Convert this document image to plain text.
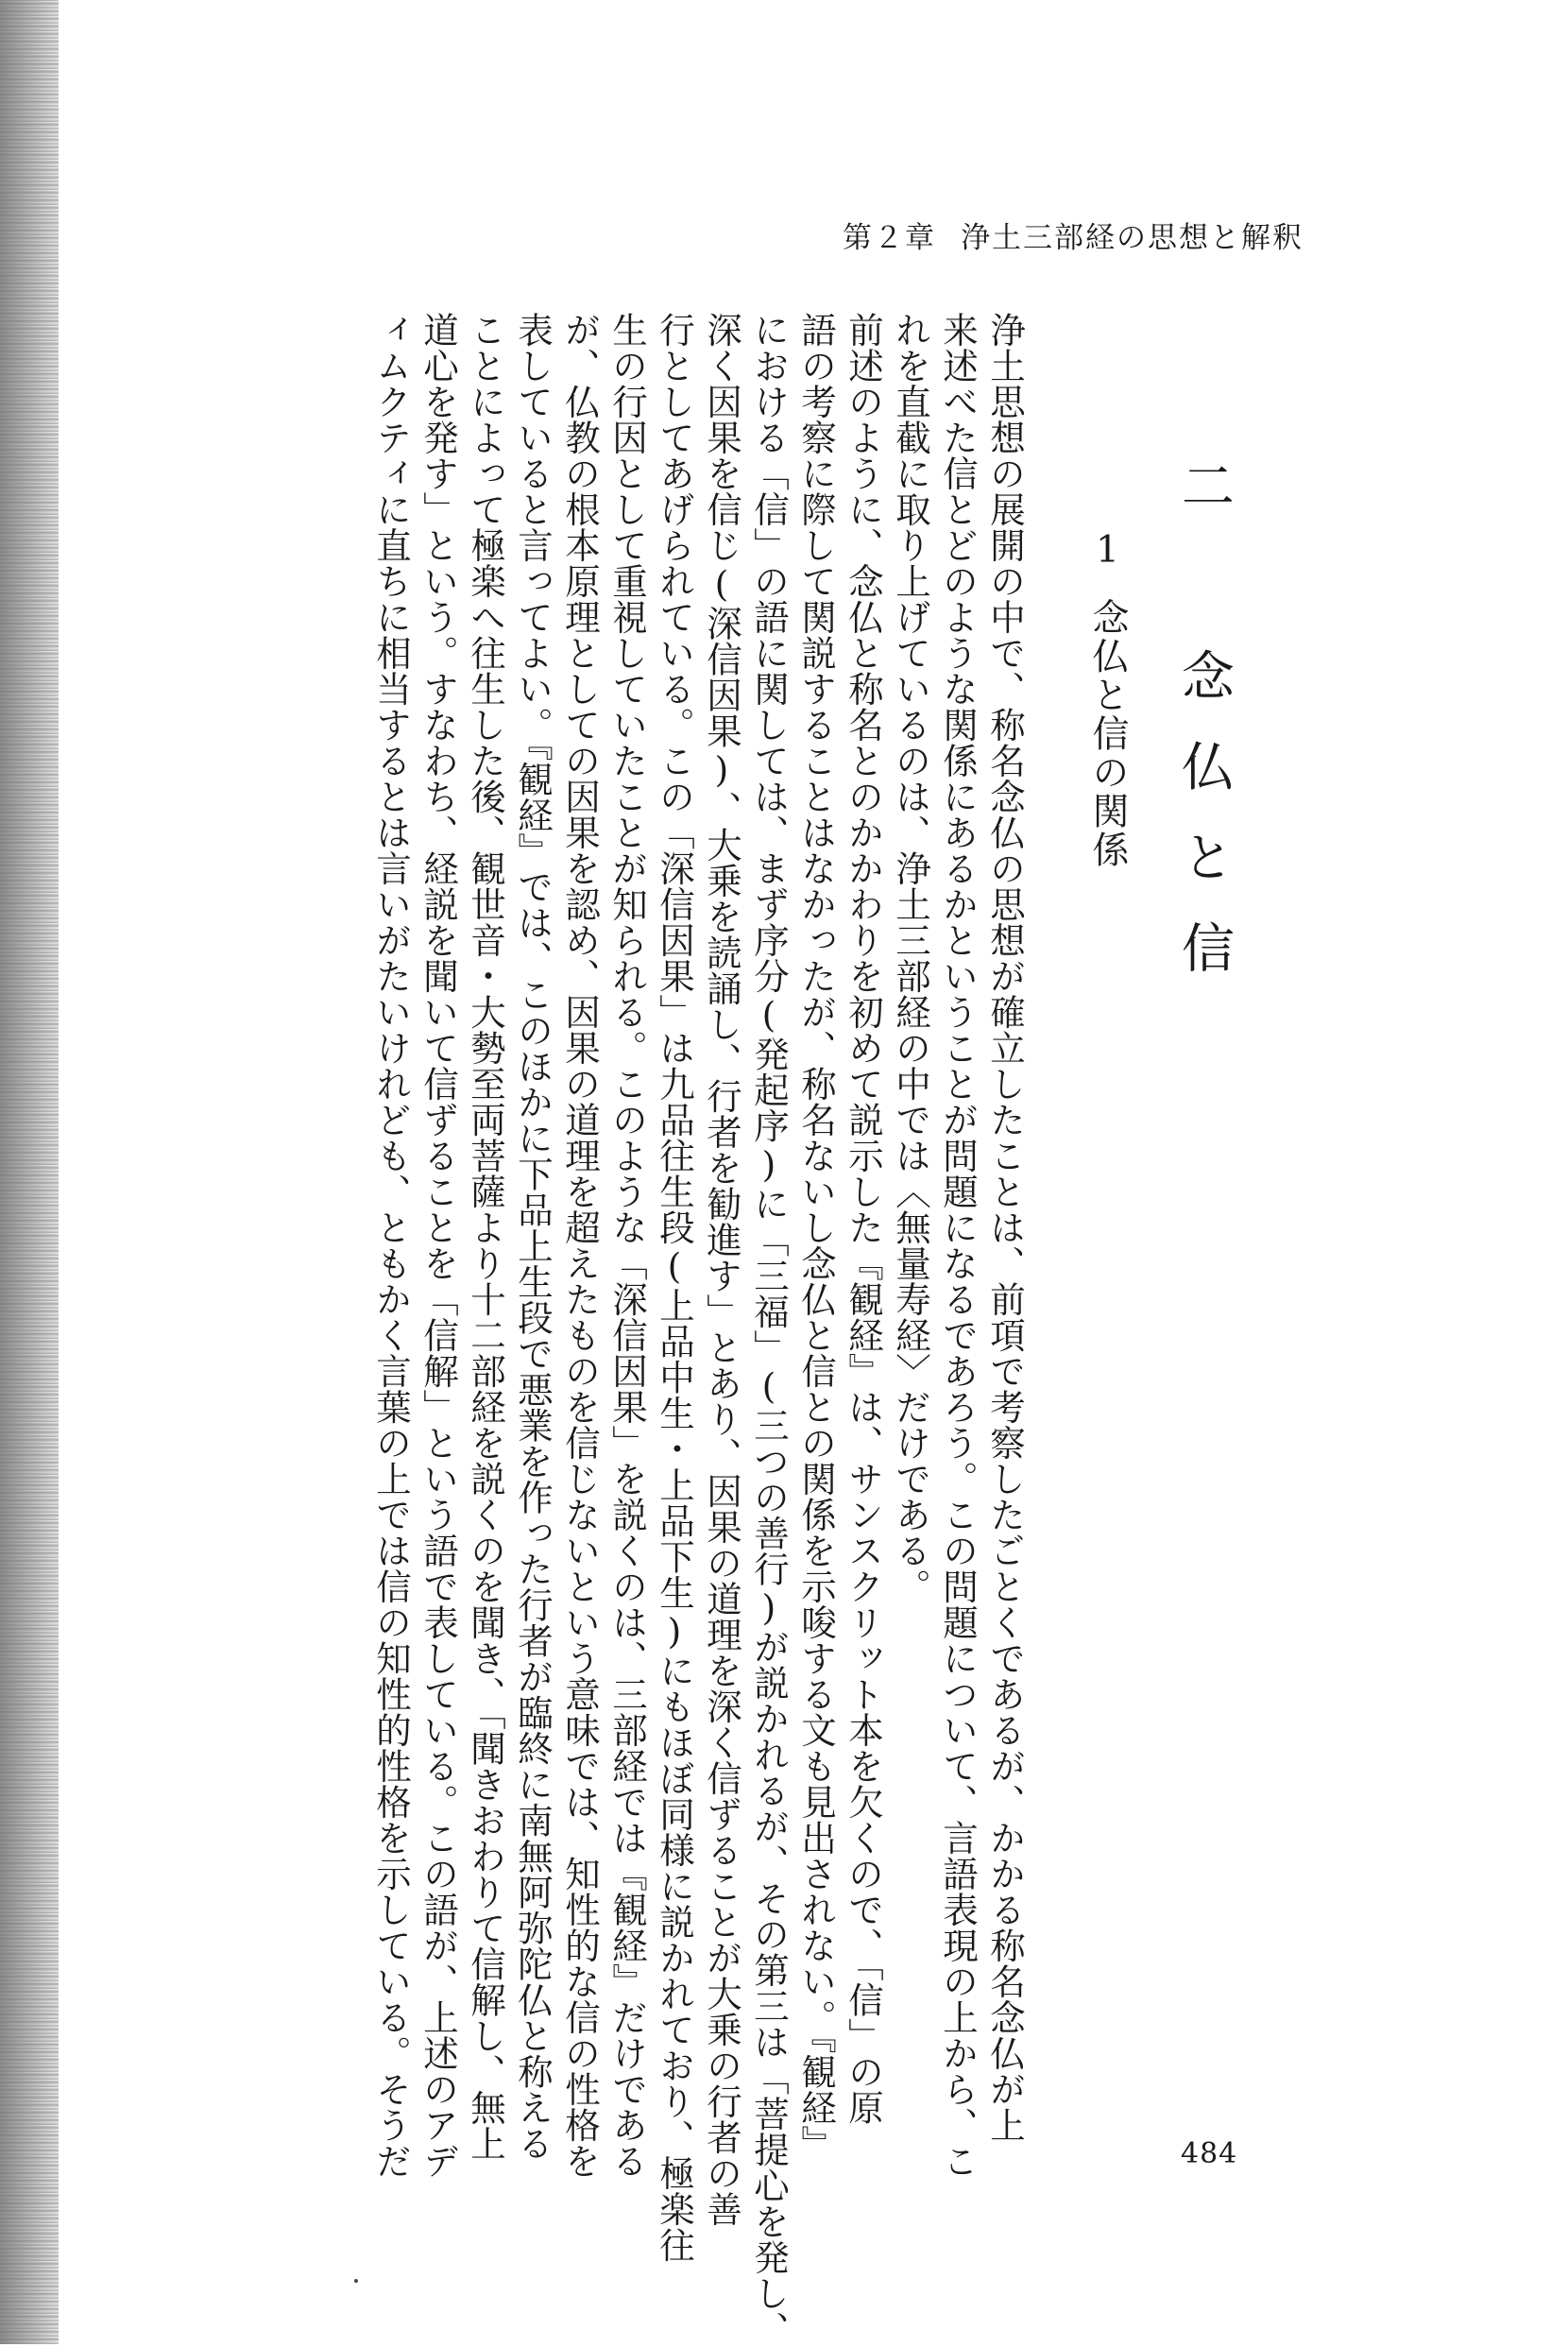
第２章 浄土三部経の思想と解釈
二 念仏と信
1念仏と信の関係
浄土思想の展開の中で、称名念仏の思想が確立したことは、前項で考察したごとくであるが、かかる称名念仏が上
来述べた信とどのような関係にあるかということが問題になるであろう。この問題について、言語表現の上から、こ
れを直截に取り上げているのは、浄土三部経の中では〈無量寿経〉だけである。
前述のように、念仏と称名とのかかわりを初めて説示した『観経』は、サンスクリット本を欠くので、「信」の原
語の考察に際して関説することはなかったが、称名ないし念仏と信との関係を示唆する文も見出されない。『観経』
における「信」の語に関しては、まず序分(発起序)に「三福」(三つの善行)が説かれるが、その第三は「菩提心を発し、
深く因果を信じ(深信因果)、大乗を読誦し、行者を勧進す」とあり、因果の道理を深く信ずることが大乗の行者の善
行としてあげられている。この「深信因果」は九品往生段(上品中生・上品下生)にもほぼ同様に説かれており、極楽往
生の行因として重視していたことが知られる。このような「深信因果」を説くのは、三部経では『観経』だけである
が、仏教の根本原理としての因果を認め、因果の道理を超えたものを信じないという意味では、知性的な信の性格を
表していると言ってよい。『観経』では、このほかに下品上生段で悪業を作った行者が臨終に南無阿弥陀仏と称える
ことによって極楽へ往生した後、観世音・大勢至両菩薩より十二部経を説くのを聞き、「聞きおわりて信解し、無上
道心を発す」という。すなわち、経説を聞いて信ずることを「信解」という語で表している。この語が、上述のアデ
ィムクティに直ちに相当するとは言いがたいけれども、ともかく言葉の上では信の知性的性格を示している。そうだ	484
